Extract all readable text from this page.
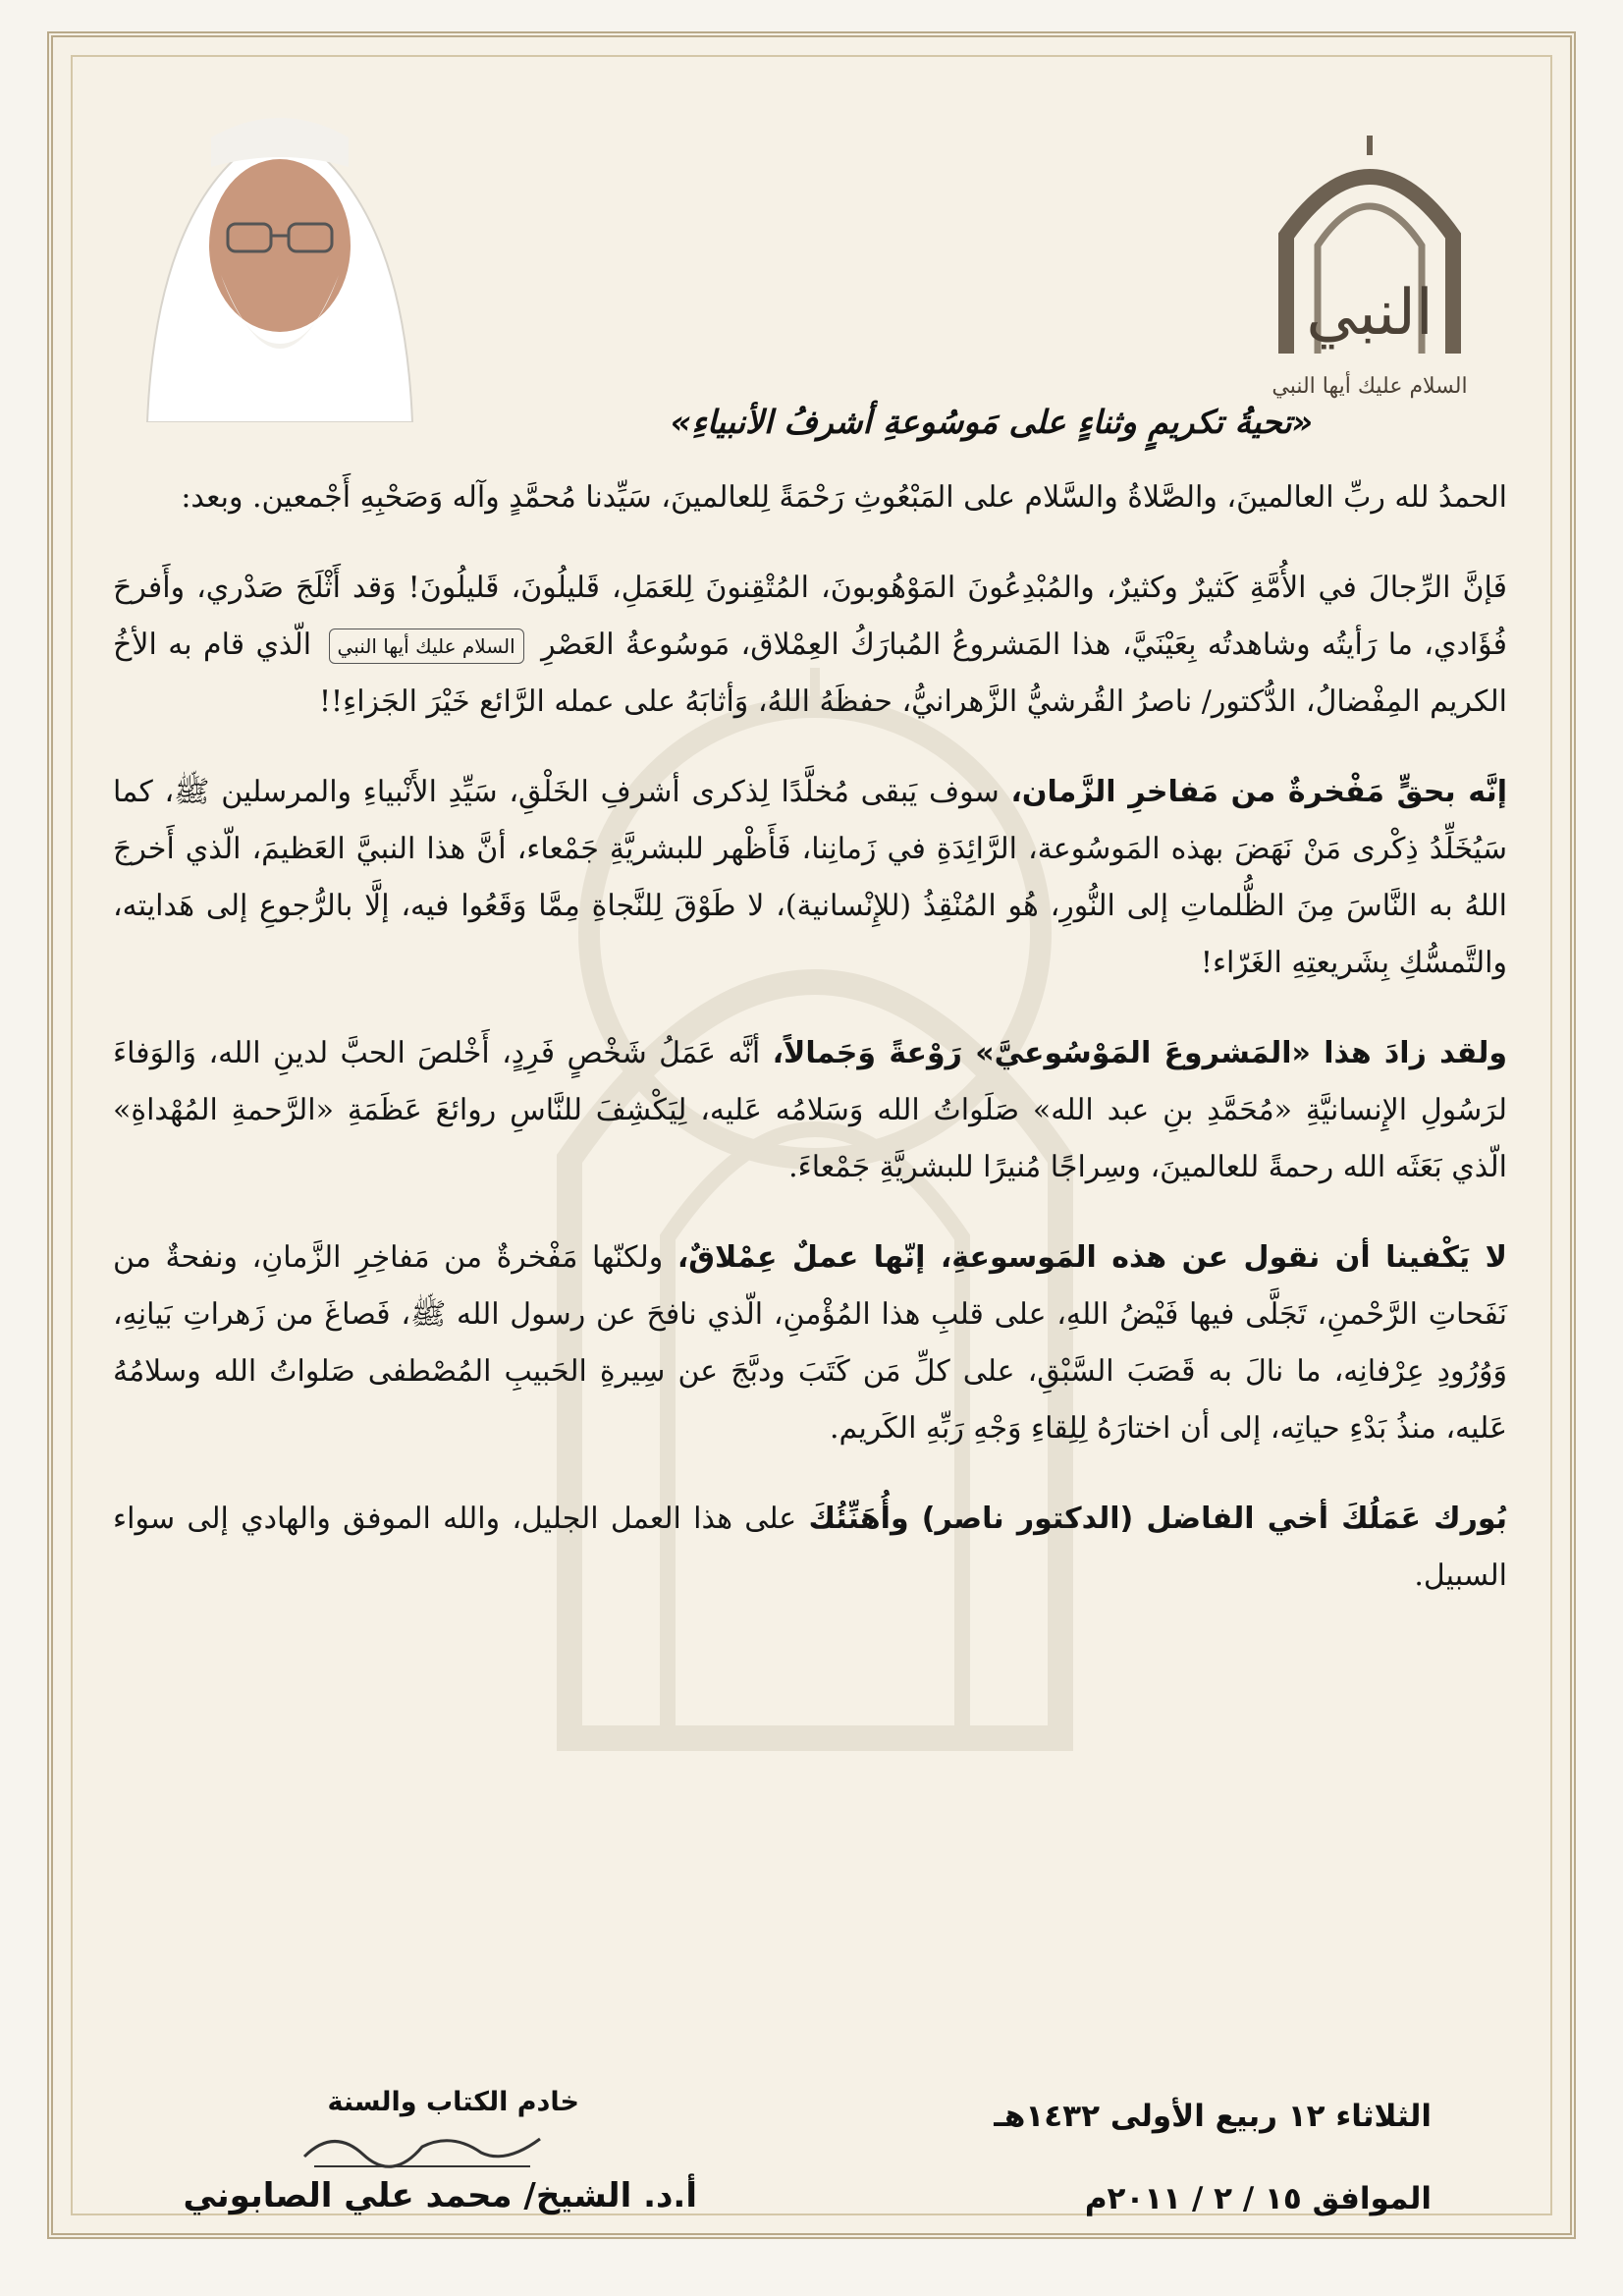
النبي
السلام عليك أيها النبي
«تحيةُ تكريمٍ وثناءٍ على مَوسُوعةِ أشرفُ الأنبياءِ»

الحمدُ لله ربِّ العالمينَ، والصَّلاةُ والسَّلام على المَبْعُوثِ رَحْمَةً لِلعالمينَ، سَيِّدنا مُحمَّدٍ وآله وَصَحْبِهِ أَجْمعين. وبعد:

فَإنَّ الرِّجالَ في الأُمَّةِ كَثيرٌ وكثيرٌ، والمُبْدِعُونَ المَوْهُوبونَ، المُتْقِنونَ لِلعَمَلِ، قَليلُونَ، قَليلُونَ! وَقد أَثْلَجَ صَدْري، وأَفرحَ فُؤَادي، ما رَأيتُه وشاهدتُه بِعَيْنَيَّ، هذا المَشروعُ المُبارَكُ العِمْلاق، مَوسُوعةُ العَصْرِ السلام عليك أيها النبي الّذي قام به الأخُ الكريم المِفْضالُ، الدُّكتور/ ناصرُ القُرشيُّ الزَّهرانيُّ، حفظَهُ اللهُ، وَأثابَهُ على عمله الرَّائع خَيْرَ الجَزاءِ!!

إنَّه بحقٍّ مَفْخرةٌ من مَفاخرِ الزَّمان، سوف يَبقى مُخلَّدًا لِذكرى أشرفِ الخَلْقِ، سَيِّدِ الأَنْبياءِ والمرسلين ﷺ، كما سَيُخَلِّدُ ذِكْرى مَنْ نَهَضَ بهذه المَوسُوعة، الرَّائِدَةِ في زَمانِنا، فَأَظْهر للبشريَّةِ جَمْعاء، أنَّ هذا النبيَّ العَظيمَ، الّذي أَخرجَ اللهُ به النَّاسَ مِنَ الظُّلماتِ إلى النُّورِ، هُو المُنْقِذُ (للإِنْسانية)، لا طَوْقَ لِلنَّجاةِ مِمَّا وَقَعُوا فيه، إلَّا بالرُّجوعِ إلى هَدايته، والتَّمسُّكِ بِشَريعتِهِ الغَرّاء!

ولقد زادَ هذا «المَشروعَ المَوْسُوعيَّ» رَوْعةً وَجَمالاً، أنَّه عَمَلُ شَخْصٍ فَرِدٍ، أَخْلصَ الحبَّ لدينِ الله، وَالوَفاءَ لرَسُولِ الإِنسانيَّةِ «مُحَمَّدِ بنِ عبد الله» صَلَواتُ الله وَسَلامُه عَليه، لِيَكْشِفَ للنَّاسِ روائعَ عَظَمَةِ «الرَّحمةِ المُهْداةِ» الّذي بَعَثَه الله رحمةً للعالمينَ، وسِراجًا مُنيرًا للبشريَّةِ جَمْعاءَ.

لا يَكْفينا أن نقول عن هذه المَوسوعةِ، إنّها عملٌ عِمْلاقٌ، ولكنّها مَفْخرةٌ من مَفاخِرِ الزَّمانِ، ونفحةٌ من نَفَحاتِ الرَّحْمنِ، تَجَلَّى فيها فَيْضُ اللهِ، على قلبِ هذا المُؤْمنِ، الّذي نافحَ عن رسول الله ﷺ، فَصاغَ من زَهراتِ بَيانِهِ، وَوُرُودِ عِرْفانِه، ما نالَ به قَصَبَ السَّبْقِ، على كلِّ مَن كَتَبَ ودبَّجَ عن سِيرةِ الحَبيبِ المُصْطفى صَلواتُ الله وسلامُهُ عَليه، منذُ بَدْءِ حياتِه، إلى أن اختارَهُ لِلِقاءِ وَجْهِ رَبِّهِ الكَريم.

بُورك عَمَلُكَ أخي الفاضل (الدكتور ناصر) وأُهَنِّئُكَ على هذا العمل الجليل، والله الموفق والهادي إلى سواء السبيل.

الثلاثاء ١٢ ربيع الأولى ١٤٣٢هـ
الموافق ١٥ / ٢ / ٢٠١١م
خادم الكتاب والسنة
أ.د. الشيخ/ محمد علي الصابوني
